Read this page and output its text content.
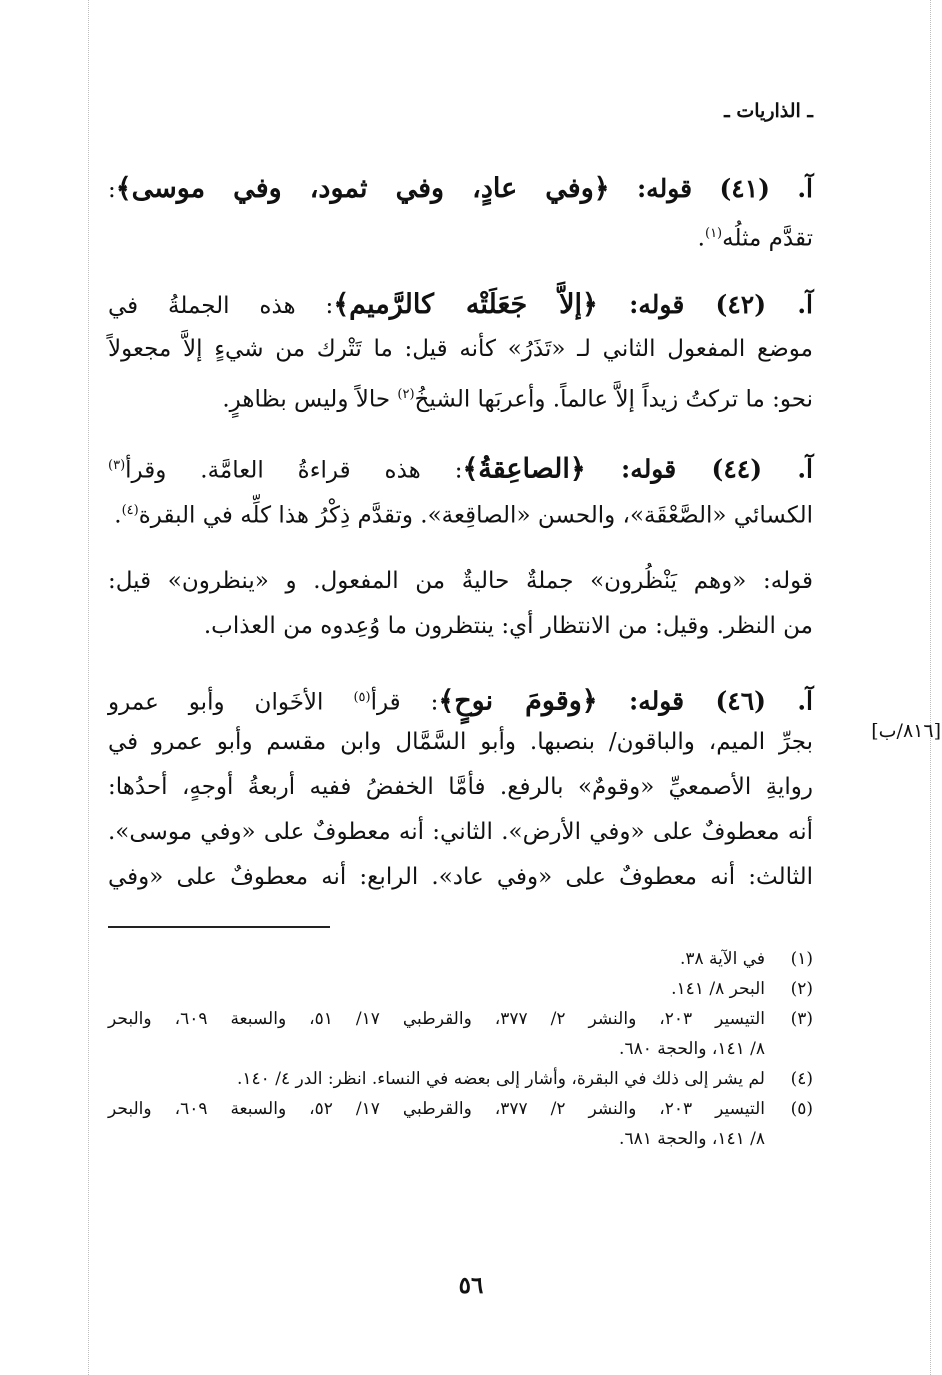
ـ الذاريات ـ
آ. (٤١) قوله: ﴿وفي عادٍ، وفي ثمود، وفي موسى﴾:
تقدَّم مثلُه$^{(١)}$.
آ. (٤٢) قوله: ﴿إلاَّ جَعَلَتْه كالرَّميم﴾: هذه الجملةُ في
موضع المفعول الثاني لـ «تَذَرُ» كأنه قيل: ما تَتْرك من شيءٍ إلاَّ مجعولاً
نحو: ما تركتُ زيداً إلاَّ عالماً. وأعربَها الشيخُ$^{(٢)}$ حالاً وليس بظاهرٍ.
آ. (٤٤) قوله: ﴿الصاعِقةُ﴾: هذه قراءةُ العامَّة. وقرأ$^{(٣)}$
الكسائي «الصَّعْقَة»، والحسن «الصاقِعة». وتقدَّم ذِكْرُ هذا كلِّه في البقرة$^{(٤)}$.
قوله: «وهم يَنْظُرون» جملةٌ حاليةٌ من المفعول. و «ينظرون» قيل:
من النظر. وقيل: من الانتظار أي: ينتظرون ما وُعِدوه من العذاب.
آ. (٤٦) قوله: ﴿وقومَ نوحٍ﴾: قرأ$^{(٥)}$ الأخَوان وأبو عمرو
بجرِّ الميم، والباقون/ بنصبها. وأبو السَّمَّال وابن مقسم وأبو عمرو في
روايةِ الأصمعيِّ «وقومٌ» بالرفع. فأمَّا الخفضُ ففيه أربعةُ أوجهٍ، أحدُها:
أنه معطوفٌ على «وفي الأرض». الثاني: أنه معطوفٌ على «وفي موسى».
الثالث: أنه معطوفٌ على «وفي عاد». الرابع: أنه معطوفٌ على «وفي
[٨١٦/ب]
(١)
في الآية ٣٨.
(٢)
البحر ٨/ ١٤١.
(٣)
التيسير ٢٠٣، والنشر ٢/ ٣٧٧، والقرطبي ١٧/ ٥١، والسبعة ٦٠٩، والبحر
٨/ ١٤١، والحجة ٦٨٠.
(٤)
لم يشر إلى ذلك في البقرة، وأشار إلى بعضه في النساء. انظر: الدر ٤/ ١٤٠.
(٥)
التيسير ٢٠٣، والنشر ٢/ ٣٧٧، والقرطبي ١٧/ ٥٢، والسبعة ٦٠٩، والبحر
٨/ ١٤١، والحجة ٦٨١.
٥٦
